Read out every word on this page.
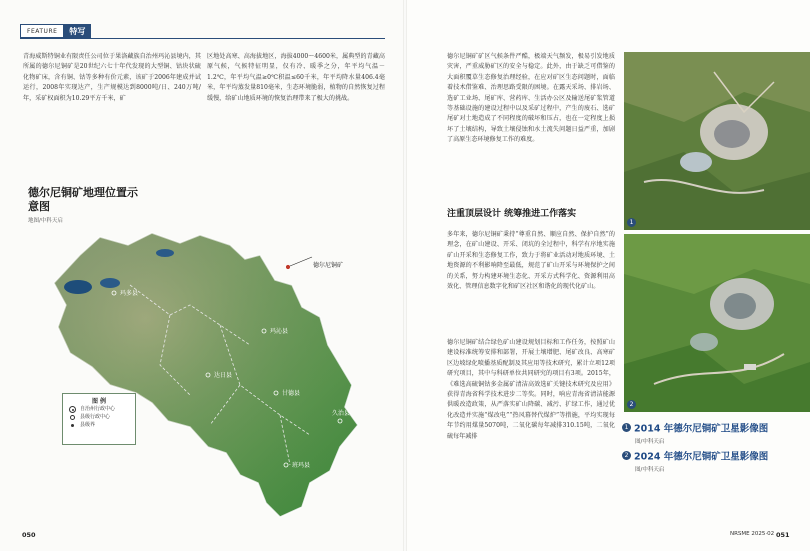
FEATURE	特写

青海威斯特铜业有限责任公司位于果洛藏族自治州玛沁县境内，其所属的德尔尼铜矿是20世纪六七十年代发现的大型铜、钴块状硫化物矿床，含有铜、钴等多种有价元素，该矿于2006年建成并试运行，2008年实现达产，生产规模达到8000吨/日、240万吨/年，采矿权面积为10.29平方千米，矿

区地处高寒、高海拔地区，海拔4000～4600米，属典型的青藏高原气候，气候特征明显，仅有冷、暖季之分，年平均气温－1.2℃，年平均气温≥0℃积温≤60千米，年平均降水量406.4毫米，年平均蒸发量810毫米，生态环境脆弱，植物的自然恢复过程缓慢，给矿山地质环境的恢复治理带来了极大的挑战。

德尔尼铜矿地理位置示意图
地图/中科天启
玛多县
玛沁县
达日县
甘德县
久治县
班玛县
德尔尼铜矿
图 例
自治州行政中心
县级行政中心
县级界
050

德尔尼铜矿矿区气候条件严酷，极端天气频发，极易引发地质灾害，严重威胁矿区的安全与稳定。此外，由于缺乏可借鉴的大面积覆草生态修复治理经验，在应对矿区生态问题时，面临着技术借鉴难、治理思路受限的困境。在露天采场、排岩场、选矿工业场、尾矿库、营药库、生活办公区及输送尾矿浆管道等基础设施的建设过程中以及采矿过程中，产生的废石、选矿尾矿对土地造成了不同程度的破坏和压占，也在一定程度上损坏了土壤结构，导致土壤侵蚀和水土流失问题日益严重，加剧了高原生态环境修复工作的难度。

注重顶层设计 统筹推进工作落实

多年来，德尔尼铜矿秉持“尊重自然、顺应自然、保护自然”的理念，在矿山建设、开采、闭坑的全过程中，科学有序地实施矿山开采和生态修复工作，致力于将矿业活动对地质环境、土地资源的不利影响降至最低，规范了矿山开采与环境保护之间的关系，努力构建环境生态化、开采方式科学化、资源利用高效化、管理信息数字化和矿区社区和谐化的现代化矿山。

德尔尼铜矿结合绿色矿山建设规划目标和工作任务，按照矿山建设标准统筹安排和部署，开展土壤增肥、尾矿改良、高寒矿区边坡绿化喷播基质配制及其应用等技术研究，累计立项12项研究项目，其中与科研单位共同研究的项目有3项。2015年，《难选高硫铜钴多金属矿清洁高效选矿关键技术研究及应用》获得青海省科学技术进步二等奖。同时，响应青海省清洁能源供暖改造政策，从严落实矿山降碳、减污、扩绿工作，通过优化改造并实施“煤改电”“热风幕替代煤炉”等措施，平均实现每年节约用煤量5070吨，二氧化碳每年减排310.15吨，二氧化硫每年减排

1
2
1 2014 年德尔尼铜矿卫星影像图
图/中科天启
2 2024 年德尔尼铜矿卫星影像图
图/中科天启
NRSME 2025·02 051
